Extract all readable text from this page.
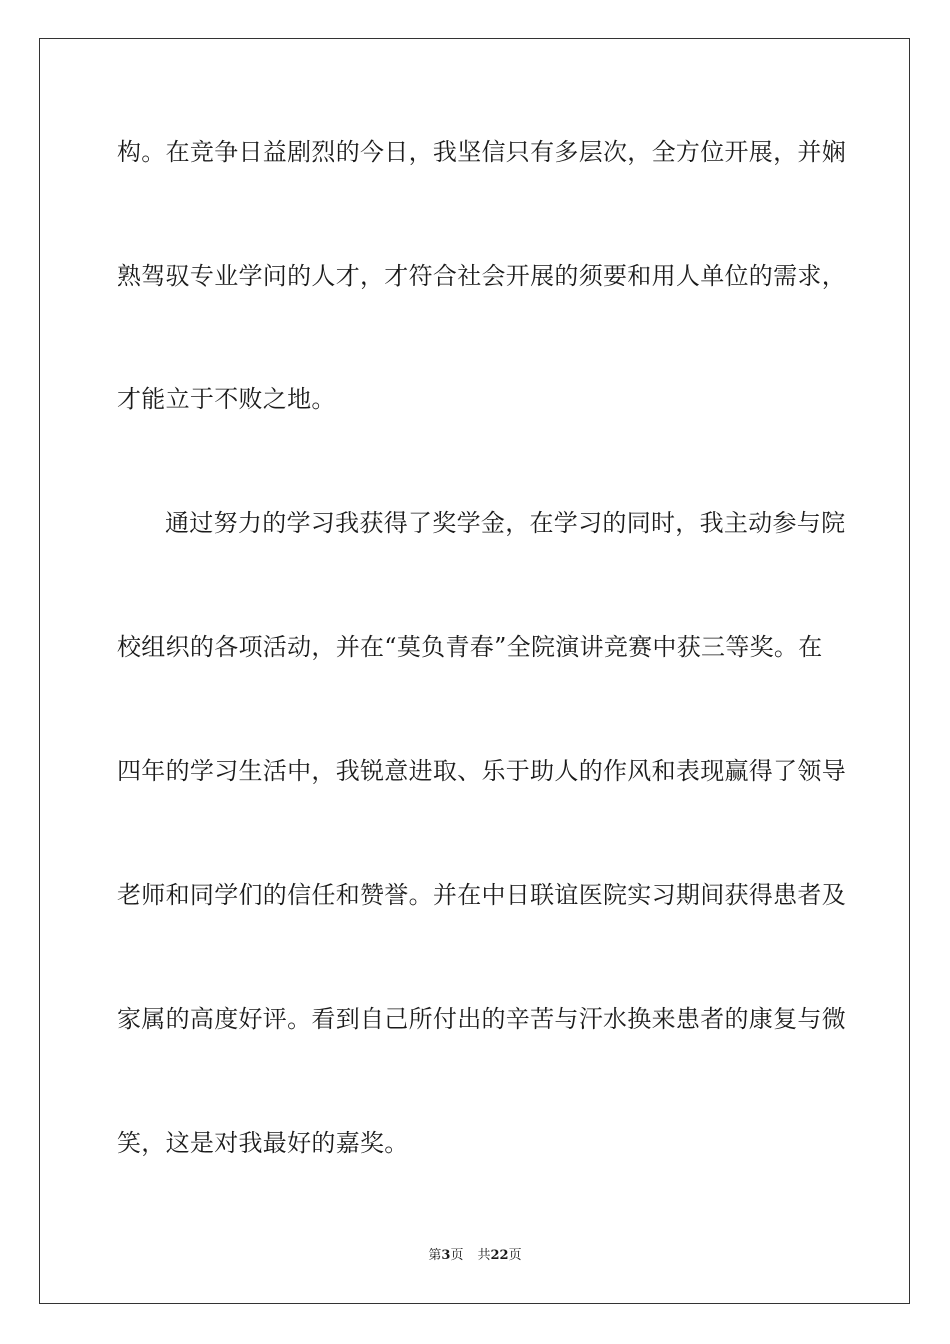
构。在竞争日益剧烈的今日，我坚信只有多层次，全方位开展，并娴
熟驾驭专业学问的人才，才符合社会开展的须要和用人单位的需求，
才能立于不败之地。
通过努力的学习我获得了奖学金，在学习的同时，我主动参与院
校组织的各项活动，并在“莫负青春”全院演讲竞赛中获三等奖。在
四年的学习生活中，我锐意进取、乐于助人的作风和表现赢得了领导
老师和同学们的信任和赞誉。并在中日联谊医院实习期间获得患者及
家属的高度好评。看到自己所付出的辛苦与汗水换来患者的康复与微
笑，这是对我最好的嘉奖。
第3页 共22页
